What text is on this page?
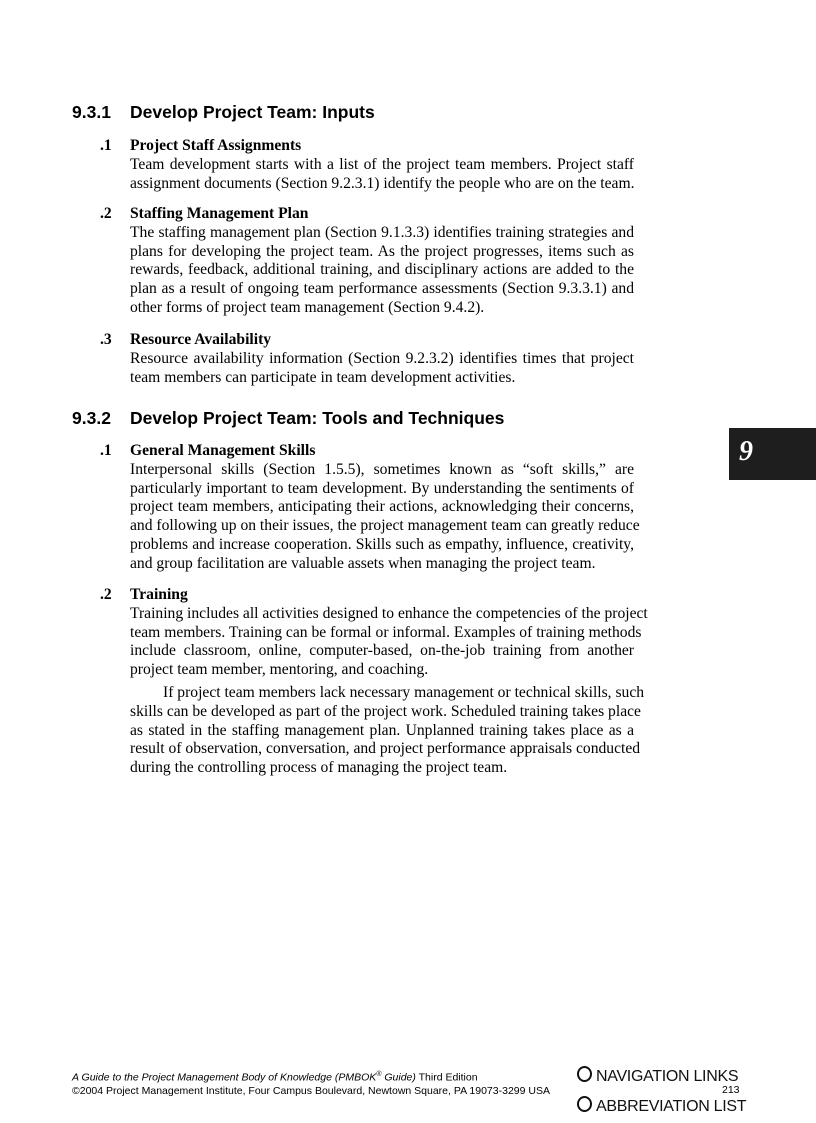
9.3.1 Develop Project Team: Inputs
.1 Project Staff Assignments
Team development starts with a list of the project team members. Project staff
assignment documents (Section 9.2.3.1) identify the people who are on the team.
.2 Staffing Management Plan
The staffing management plan (Section 9.1.3.3) identifies training strategies and
plans for developing the project team. As the project progresses, items such as
rewards, feedback, additional training, and disciplinary actions are added to the
plan as a result of ongoing team performance assessments (Section 9.3.3.1) and
other forms of project team management (Section 9.4.2).
.3 Resource Availability
Resource availability information (Section 9.2.3.2) identifies times that project
team members can participate in team development activities.
9.3.2 Develop Project Team: Tools and Techniques
.1 General Management Skills
Interpersonal skills (Section 1.5.5), sometimes known as “soft skills,” are
particularly important to team development. By understanding the sentiments of
project team members, anticipating their actions, acknowledging their concerns,
and following up on their issues, the project management team can greatly reduce
problems and increase cooperation. Skills such as empathy, influence, creativity,
and group facilitation are valuable assets when managing the project team.
.2 Training
Training includes all activities designed to enhance the competencies of the project
team members. Training can be formal or informal. Examples of training methods
include classroom, online, computer-based, on-the-job training from another
project team member, mentoring, and coaching.
If project team members lack necessary management or technical skills, such
skills can be developed as part of the project work. Scheduled training takes place
as stated in the staffing management plan. Unplanned training takes place as a
result of observation, conversation, and project performance appraisals conducted
during the controlling process of managing the project team.
9
A Guide to the Project Management Body of Knowledge (PMBOK® Guide) Third Edition
©2004 Project Management Institute, Four Campus Boulevard, Newtown Square, PA 19073-3299 USA
NAVIGATION LINKS
213
ABBREVIATION LIST
